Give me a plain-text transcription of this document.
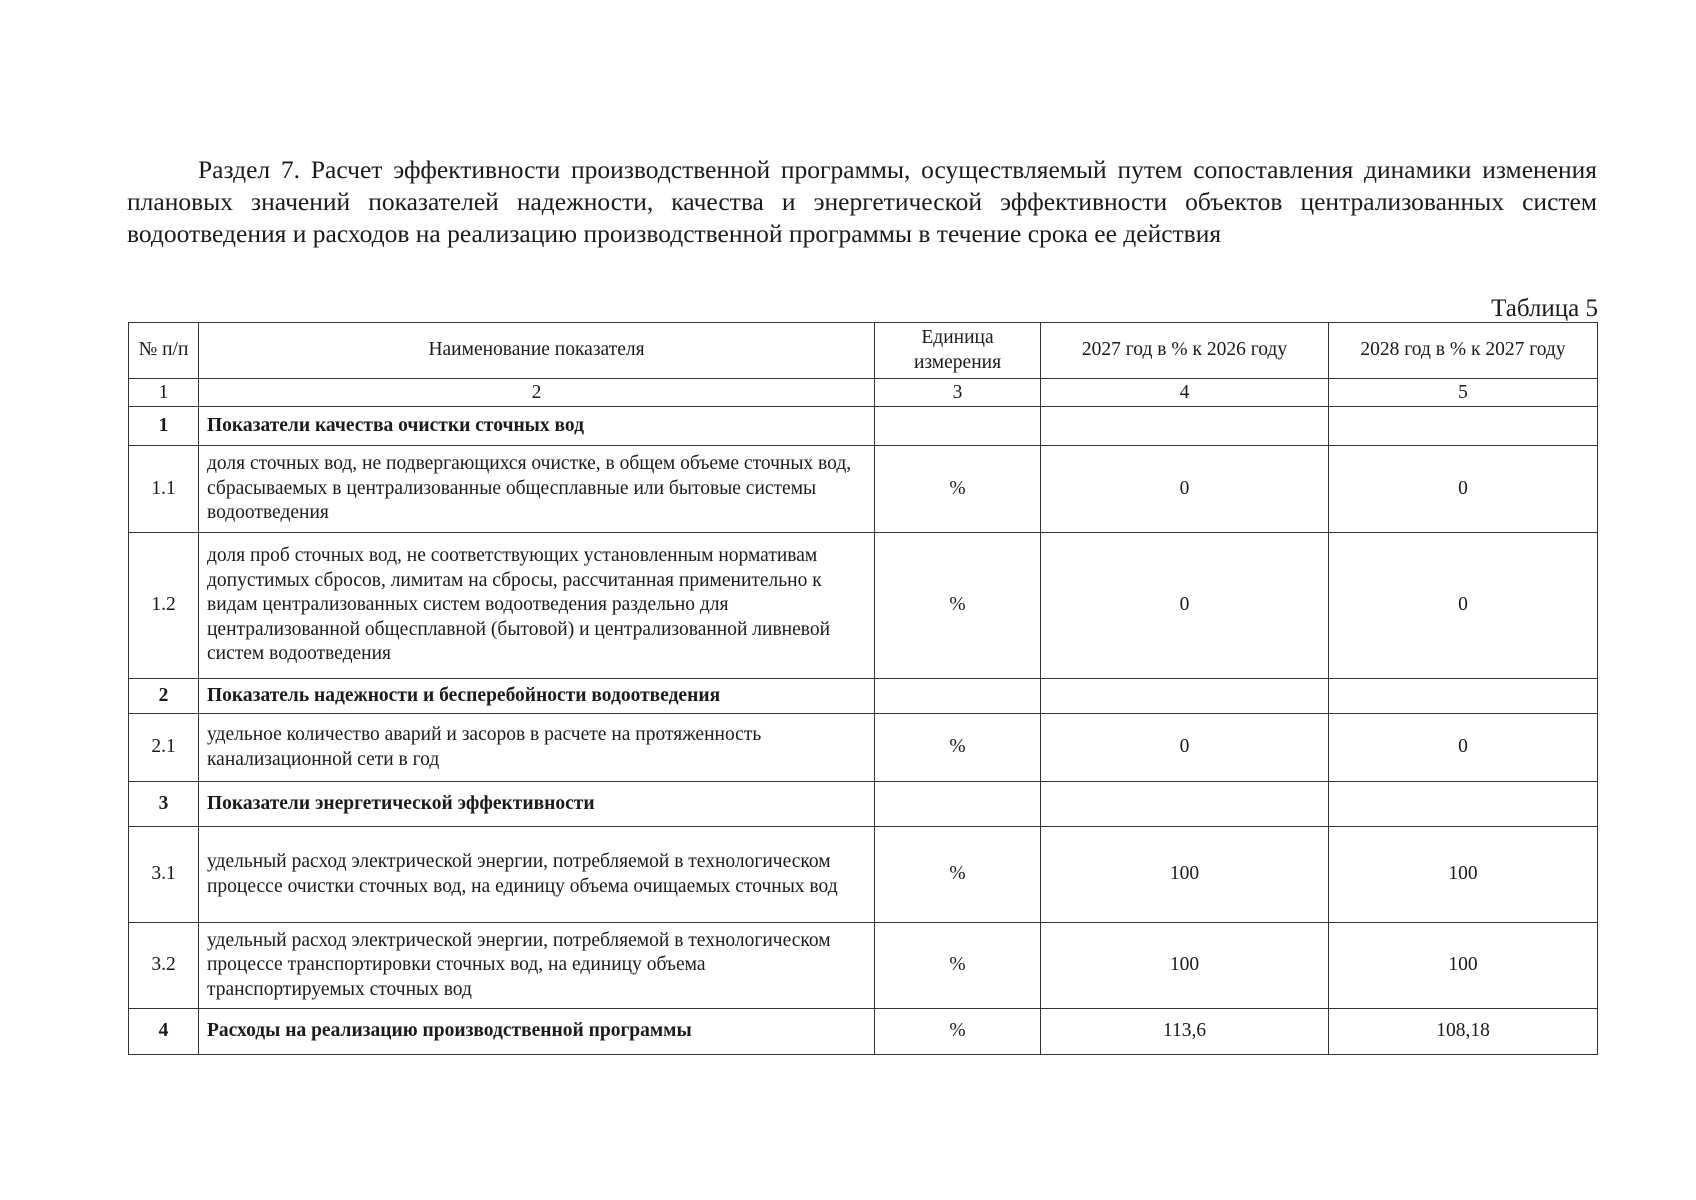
Раздел 7. Расчет эффективности производственной программы, осуществляемый путем сопоставления динамики изменения плановых значений показателей надежности, качества и энергетической эффективности объектов централизованных систем водоотведения и расходов на реализацию производственной программы в течение срока ее действия

Таблица 5

№ п/п	Наименование показателя	Единица измерения	2027 год в % к 2026 году	2028 год в % к 2027 году
1	2	3	4	5
1	Показатели качества очистки сточных вод			
1.1	доля сточных вод, не подвергающихся очистке, в общем объеме сточных вод, сбрасываемых в централизованные общесплавные или бытовые системы водоотведения	%	0	0
1.2	доля проб сточных вод, не соответствующих установленным нормативам допустимых сбросов, лимитам на сбросы, рассчитанная применительно к видам централизованных систем водоотведения раздельно для централизованной общесплавной (бытовой) и централизованной ливневой систем водоотведения	%	0	0
2	Показатель надежности и бесперебойности водоотведения			
2.1	удельное количество аварий и засоров в расчете на протяженность канализационной сети в год	%	0	0
3	Показатели энергетической эффективности			
3.1	удельный расход электрической энергии, потребляемой в технологическом процессе очистки сточных вод, на единицу объема очищаемых сточных вод	%	100	100
3.2	удельный расход электрической энергии, потребляемой в технологическом процессе транспортировки сточных вод, на единицу объема транспортируемых сточных вод	%	100	100
4	Расходы на реализацию производственной программы	%	113,6	108,18
